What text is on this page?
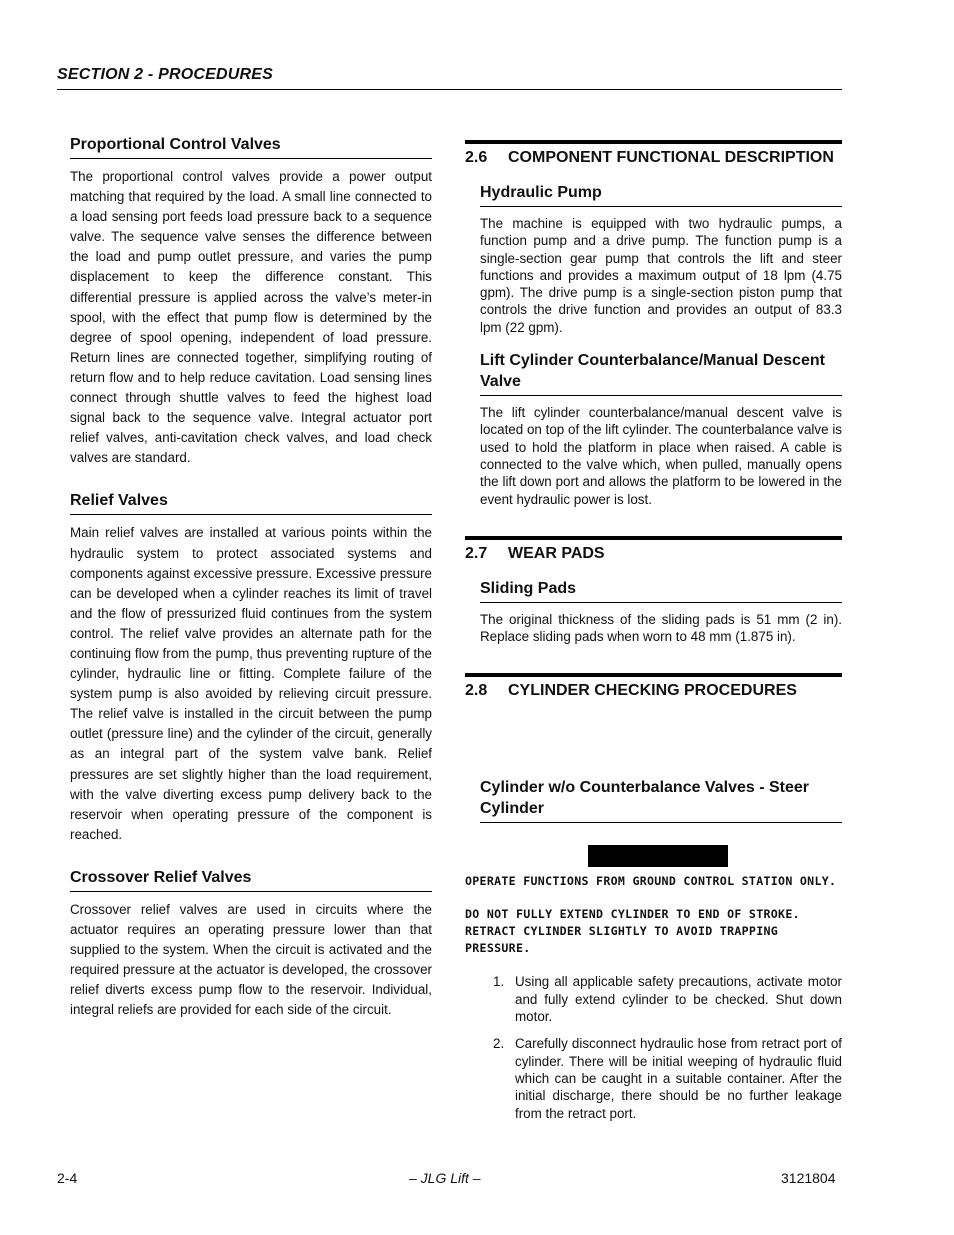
SECTION 2 - PROCEDURES
Proportional Control Valves

The proportional control valves provide a power output matching that required by the load. A small line connected to a load sensing port feeds load pressure back to a sequence valve. The sequence valve senses the difference between the load and pump outlet pressure, and varies the pump displacement to keep the difference constant. This differential pressure is applied across the valve’s meter-in spool, with the effect that pump flow is determined by the degree of spool opening, independent of load pressure. Return lines are connected together, simplifying routing of return flow and to help reduce cavitation. Load sensing lines connect through shuttle valves to feed the highest load signal back to the sequence valve. Integral actuator port relief valves, anti-cavitation check valves, and load check valves are standard.

Relief Valves

Main relief valves are installed at various points within the hydraulic system to protect associated systems and components against excessive pressure. Excessive pressure can be developed when a cylinder reaches its limit of travel and the flow of pressurized fluid continues from the system control. The relief valve provides an alternate path for the continuing flow from the pump, thus preventing rupture of the cylinder, hydraulic line or fitting. Complete failure of the system pump is also avoided by relieving circuit pressure. The relief valve is installed in the circuit between the pump outlet (pressure line) and the cylinder of the circuit, generally as an integral part of the system valve bank. Relief pressures are set slightly higher than the load requirement, with the valve diverting excess pump delivery back to the reservoir when operating pressure of the component is reached.

Crossover Relief Valves

Crossover relief valves are used in circuits where the actuator requires an operating pressure lower than that supplied to the system. When the circuit is activated and the required pressure at the actuator is developed, the crossover relief diverts excess pump flow to the reservoir. Individual, integral reliefs are provided for each side of the circuit.

2.6	COMPONENT FUNCTIONAL DESCRIPTION
Hydraulic Pump

The machine is equipped with two hydraulic pumps, a function pump and a drive pump. The function pump is a single-section gear pump that controls the lift and steer functions and provides a maximum output of 18 lpm (4.75 gpm). The drive pump is a single-section piston pump that controls the drive function and provides an output of 83.3 lpm (22 gpm).

Lift Cylinder Counterbalance/Manual Descent Valve

The lift cylinder counterbalance/manual descent valve is located on top of the lift cylinder. The counterbalance valve is used to hold the platform in place when raised. A cable is connected to the valve which, when pulled, manually opens the lift down port and allows the platform to be lowered in the event hydraulic power is lost.

2.7	WEAR PADS
Sliding Pads

The original thickness of the sliding pads is 51 mm (2 in). Replace sliding pads when worn to 48 mm (1.875 in).

2.8	CYLINDER CHECKING PROCEDURES
Cylinder w/o Counterbalance Valves - Steer Cylinder

OPERATE FUNCTIONS FROM GROUND CONTROL STATION ONLY.

DO NOT FULLY EXTEND CYLINDER TO END OF STROKE. RETRACT CYLINDER SLIGHTLY TO AVOID TRAPPING PRESSURE.

1. Using all applicable safety precautions, activate motor and fully extend cylinder to be checked. Shut down motor.
2. Carefully disconnect hydraulic hose from retract port of cylinder. There will be initial weeping of hydraulic fluid which can be caught in a suitable container. After the initial discharge, there should be no further leakage from the retract port.
2-4	– JLG Lift –	3121804
